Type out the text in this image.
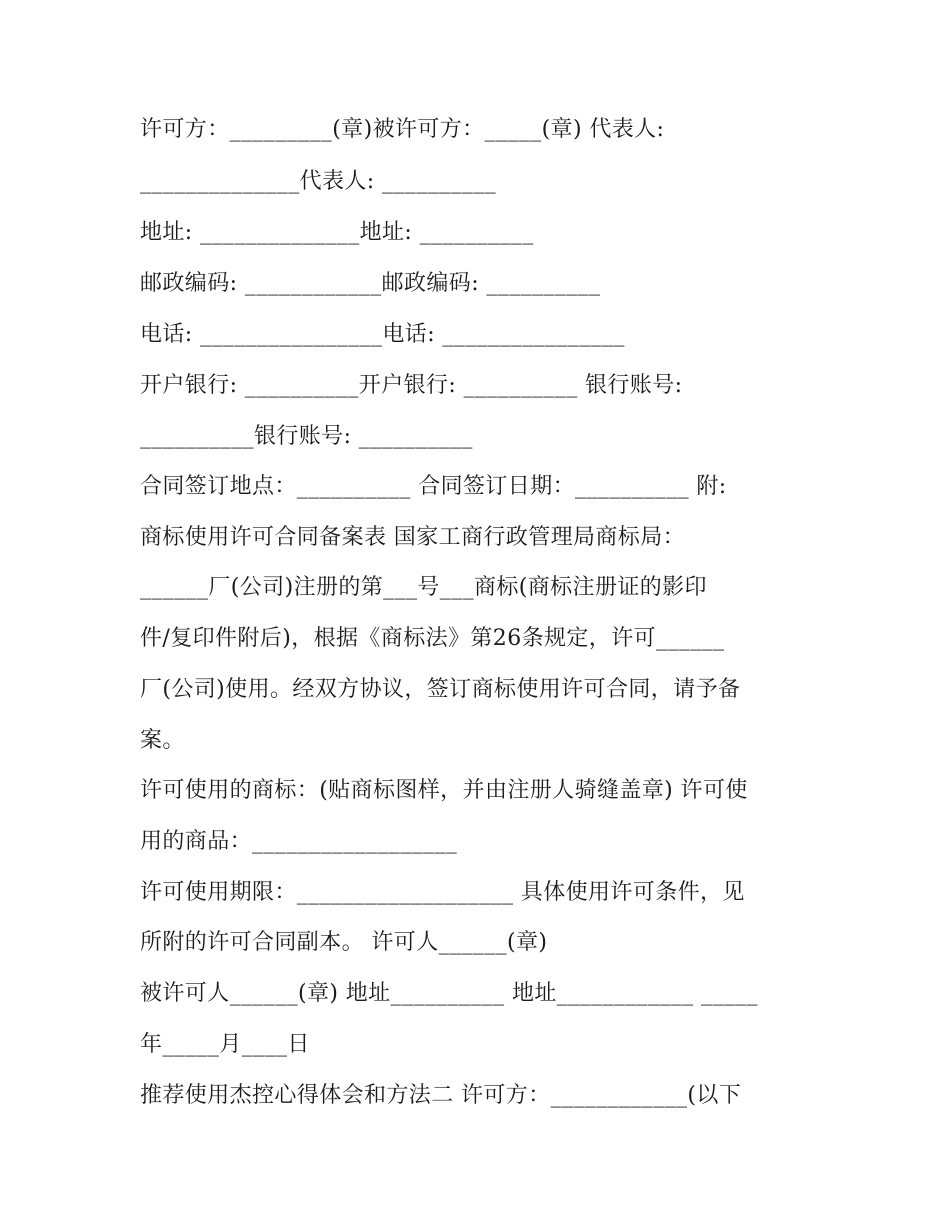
许可方：_________(章)被许可方：_____(章) 代表人:
______________代表人: __________
地址: ______________地址: __________
邮政编码: ____________邮政编码: __________
电话: ________________电话: ________________
开户银行: __________开户银行: __________ 银行账号:
__________银行账号: __________
合同签订地点：__________ 合同签订日期：__________ 附:
商标使用许可合同备案表 国家工商行政管理局商标局：
______厂(公司)注册的第___号___商标(商标注册证的影印
件/复印件附后)，根据《商标法》第26条规定，许可______
厂(公司)使用。经双方协议，签订商标使用许可合同，请予备
案。
许可使用的商标：(贴商标图样，并由注册人骑缝盖章) 许可使
用的商品：__________________
许可使用期限：___________________ 具体使用许可条件，见
所附的许可合同副本。 许可人______(章)
被许可人______(章) 地址__________ 地址____________ _____
年_____月____日
推荐使用杰控心得体会和方法二 许可方：____________(以下
